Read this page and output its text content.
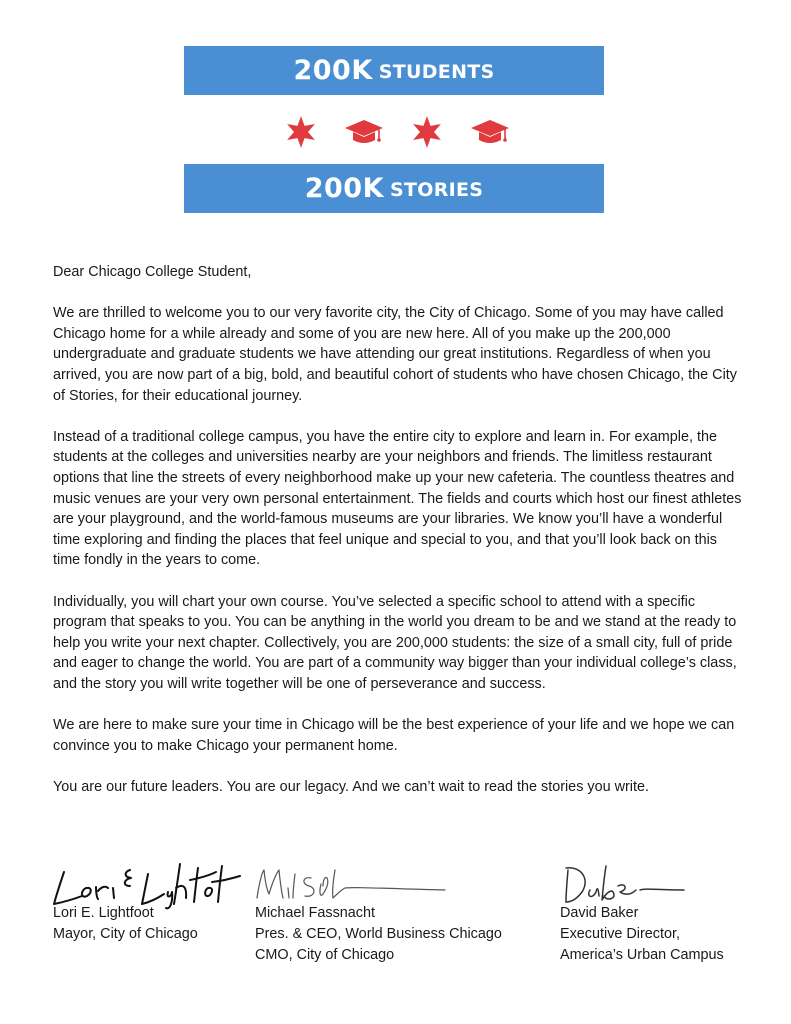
200K STUDENTS
200K STORIES

Dear Chicago College Student,

We are thrilled to welcome you to our very favorite city, the City of Chicago. Some of you may have called Chicago home for a while already and some of you are new here. All of you make up the 200,000 undergraduate and graduate students we have attending our great institutions. Regardless of when you arrived, you are now part of a big, bold, and beautiful cohort of students who have chosen Chicago, the City of Stories, for their educational journey.

Instead of a traditional college campus, you have the entire city to explore and learn in. For example, the students at the colleges and universities nearby are your neighbors and friends. The limitless restaurant options that line the streets of every neighborhood make up your new cafeteria. The countless theatres and music venues are your very own personal entertainment. The fields and courts which host our finest athletes are your playground, and the world-famous museums are your libraries. We know you’ll have a wonderful time exploring and finding the places that feel unique and special to you, and that you’ll look back on this time fondly in the years to come.

Individually, you will chart your own course. You’ve selected a specific school to attend with a specific program that speaks to you. You can be anything in the world you dream to be and we stand at the ready to help you write your next chapter. Collectively, you are 200,000 students: the size of a small city, full of pride and eager to change the world. You are part of a community way bigger than your individual college’s class, and the story you will write together will be one of perseverance and success.

We are here to make sure your time in Chicago will be the best experience of your life and we hope we can convince you to make Chicago your permanent home.

You are our future leaders. You are our legacy. And we can’t wait to read the stories you write.

Lori E. Lightfoot
Mayor, City of Chicago
Michael Fassnacht
Pres. & CEO, World Business Chicago
CMO, City of Chicago
David Baker
Executive Director,
America’s Urban Campus
